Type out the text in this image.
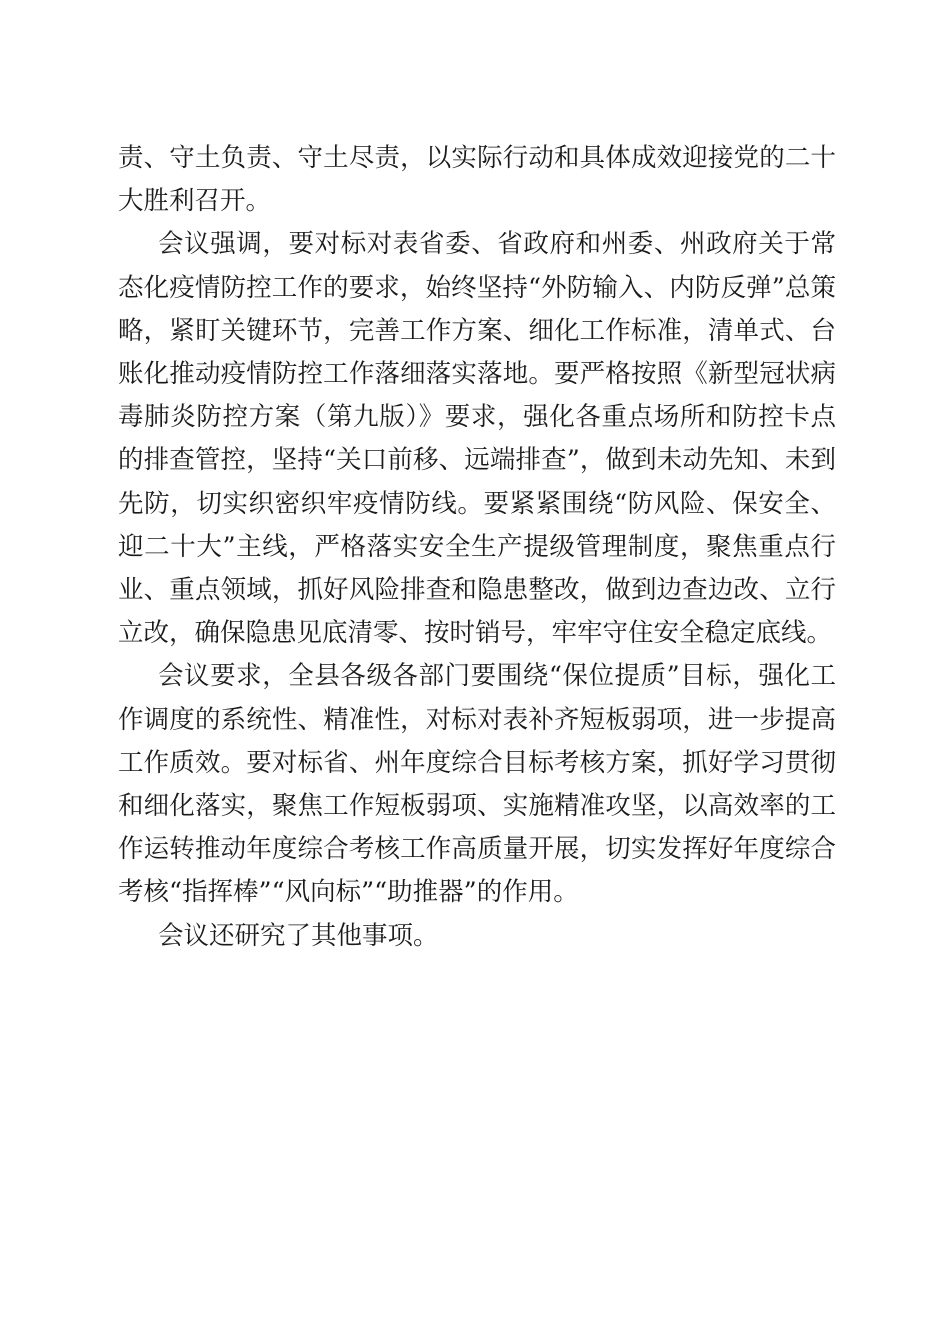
责、守土负责、守土尽责，以实际行动和具体成效迎接党的二十大胜利召开。

会议强调，要对标对表省委、省政府和州委、州政府关于常态化疫情防控工作的要求，始终坚持“外防输入、内防反弹”总策略，紧盯关键环节，完善工作方案、细化工作标准，清单式、台账化推动疫情防控工作落细落实落地。要严格按照《新型冠状病毒肺炎防控方案（第九版）》要求，强化各重点场所和防控卡点的排查管控，坚持“关口前移、远端排查”，做到未动先知、未到先防，切实织密织牢疫情防线。要紧紧围绕“防风险、保安全、迎二十大”主线，严格落实安全生产提级管理制度，聚焦重点行业、重点领域，抓好风险排查和隐患整改，做到边查边改、立行立改，确保隐患见底清零、按时销号，牢牢守住安全稳定底线。

会议要求，全县各级各部门要围绕“保位提质”目标，强化工作调度的系统性、精准性，对标对表补齐短板弱项，进一步提高工作质效。要对标省、州年度综合目标考核方案，抓好学习贯彻和细化落实，聚焦工作短板弱项、实施精准攻坚，以高效率的工作运转推动年度综合考核工作高质量开展，切实发挥好年度综合考核“指挥棒”“风向标”“助推器”的作用。

会议还研究了其他事项。
